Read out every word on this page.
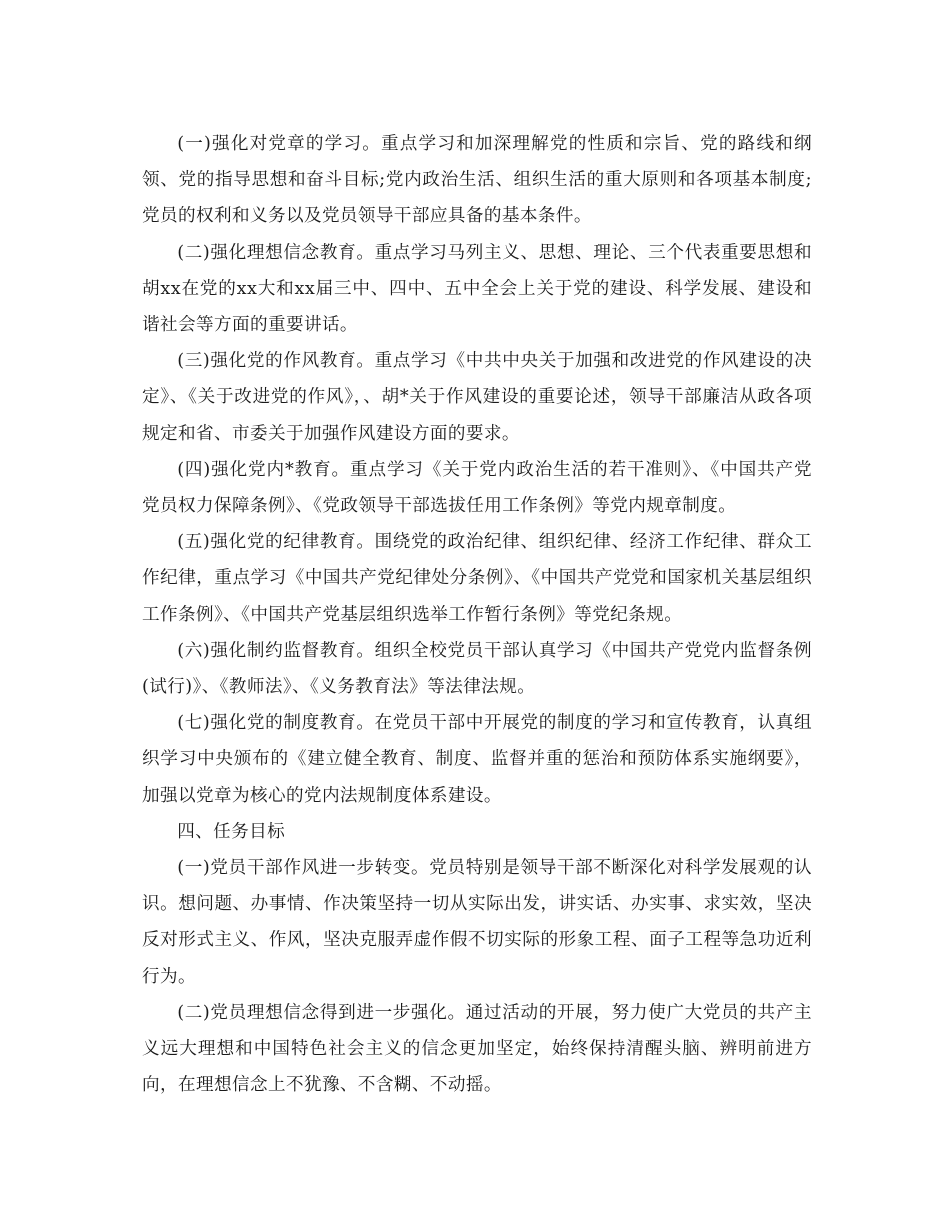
(一)强化对党章的学习。重点学习和加深理解党的性质和宗旨、党的路线和纲领、党的指导思想和奋斗目标;党内政治生活、组织生活的重大原则和各项基本制度;党员的权利和义务以及党员领导干部应具备的基本条件。

(二)强化理想信念教育。重点学习马列主义、思想、理论、三个代表重要思想和胡xx在党的xx大和xx届三中、四中、五中全会上关于党的建设、科学发展、建设和谐社会等方面的重要讲话。

(三)强化党的作风教育。重点学习《中共中央关于加强和改进党的作风建设的决定》、《关于改进党的作风》，、胡*关于作风建设的重要论述，领导干部廉洁从政各项规定和省、市委关于加强作风建设方面的要求。

(四)强化党内*教育。重点学习《关于党内政治生活的若干准则》、《中国共产党党员权力保障条例》、《党政领导干部选拔任用工作条例》等党内规章制度。

(五)强化党的纪律教育。围绕党的政治纪律、组织纪律、经济工作纪律、群众工作纪律，重点学习《中国共产党纪律处分条例》、《中国共产党党和国家机关基层组织工作条例》、《中国共产党基层组织选举工作暂行条例》等党纪条规。

(六)强化制约监督教育。组织全校党员干部认真学习《中国共产党党内监督条例(试行)》、《教师法》、《义务教育法》等法律法规。

(七)强化党的制度教育。在党员干部中开展党的制度的学习和宣传教育，认真组织学习中央颁布的《建立健全教育、制度、监督并重的惩治和预防体系实施纲要》，加强以党章为核心的党内法规制度体系建设。

四、任务目标

(一)党员干部作风进一步转变。党员特别是领导干部不断深化对科学发展观的认识。想问题、办事情、作决策坚持一切从实际出发，讲实话、办实事、求实效，坚决反对形式主义、作风，坚决克服弄虚作假不切实际的形象工程、面子工程等急功近利行为。

(二)党员理想信念得到进一步强化。通过活动的开展，努力使广大党员的共产主义远大理想和中国特色社会主义的信念更加坚定，始终保持清醒头脑、辨明前进方向，在理想信念上不犹豫、不含糊、不动摇。
